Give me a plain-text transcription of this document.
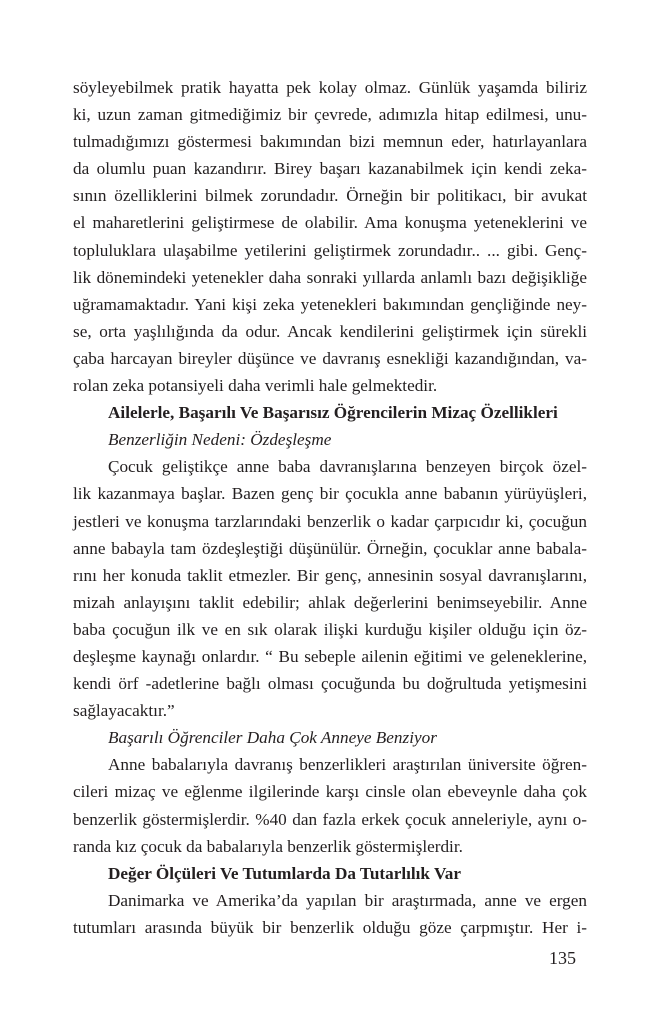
söyleyebilmek pratik hayatta pek kolay olmaz. Günlük yaşamda biliriz
ki, uzun zaman gitmediğimiz bir çevrede, adımızla hitap edilmesi, unu-
tulmadığımızı göstermesi bakımından bizi memnun eder, hatırlayanlara
da olumlu puan kazandırır. Birey başarı kazanabilmek için kendi zeka-
sının özelliklerini bilmek zorundadır. Örneğin bir politikacı, bir avukat
el maharetlerini geliştirmese de olabilir. Ama konuşma yeteneklerini ve
topluluklara ulaşabilme yetilerini geliştirmek zorundadır.. ... gibi. Genç-
lik dönemindeki yetenekler daha sonraki yıllarda anlamlı bazı değişikliğe
uğramamaktadır. Yani kişi zeka yetenekleri bakımından gençliğinde ney-
se, orta yaşlılığında da odur. Ancak kendilerini geliştirmek için sürekli
çaba harcayan bireyler düşünce ve davranış esnekliği kazandığından, va-
rolan zeka potansiyeli daha verimli hale gelmektedir.
Ailelerle, Başarılı Ve Başarısız Öğrencilerin Mizaç Özellikleri
Benzerliğin Nedeni: Özdeşleşme
Çocuk geliştikçe anne baba davranışlarına benzeyen birçok özel-
lik kazanmaya başlar. Bazen genç bir çocukla anne babanın yürüyüşleri,
jestleri ve konuşma tarzlarındaki benzerlik o kadar çarpıcıdır ki, çocuğun
anne babayla tam özdeşleştiği düşünülür. Örneğin, çocuklar anne babala-
rını her konuda taklit etmezler. Bir genç, annesinin sosyal davranışlarını,
mizah anlayışını taklit edebilir; ahlak değerlerini benimseyebilir. Anne
baba çocuğun ilk ve en sık olarak ilişki kurduğu kişiler olduğu için öz-
deşleşme kaynağı onlardır. “ Bu sebeple ailenin eğitimi ve geleneklerine,
kendi örf -adetlerine bağlı olması çocuğunda bu doğrultuda yetişmesini
sağlayacaktır.”
Başarılı Öğrenciler Daha Çok Anneye Benziyor
Anne babalarıyla davranış benzerlikleri araştırılan üniversite öğren-
cileri mizaç ve eğlenme ilgilerinde karşı cinsle olan ebeveynle daha çok
benzerlik göstermişlerdir. %40 dan fazla erkek çocuk anneleriyle, aynı o-
randa kız çocuk da babalarıyla benzerlik göstermişlerdir.
Değer Ölçüleri Ve Tutumlarda Da Tutarlılık Var
Danimarka ve Amerika’da yapılan bir araştırmada, anne ve ergen
tutumları arasında büyük bir benzerlik olduğu göze çarpmıştır. Her i-
135
